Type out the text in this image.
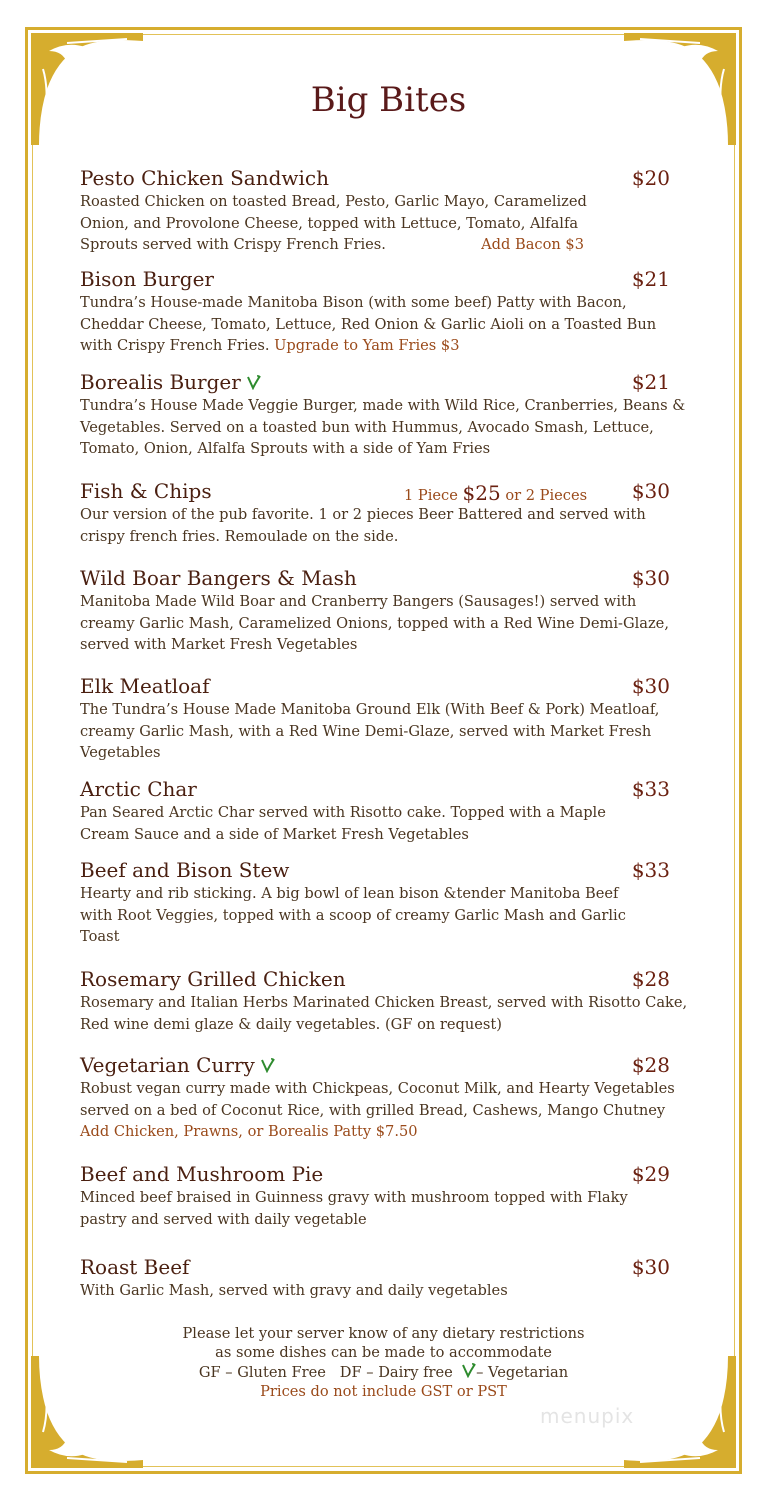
Big Bites
Pesto Chicken Sandwich	$20
Roasted Chicken on toasted Bread, Pesto, Garlic Mayo, Caramelized Onion, and Provolone Cheese, topped with Lettuce, Tomato, Alfalfa Sprouts served with Crispy French Fries.	Add Bacon $3
Bison Burger	$21
Tundra’s House-made Manitoba Bison (with some beef) Patty with Bacon, Cheddar Cheese, Tomato, Lettuce, Red Onion & Garlic Aioli on a Toasted Bun with Crispy French Fries. Upgrade to Yam Fries $3
Borealis Burger	$21
Tundra’s House Made Veggie Burger, made with Wild Rice, Cranberries, Beans & Vegetables. Served on a toasted bun with Hummus, Avocado Smash, Lettuce, Tomato, Onion, Alfalfa Sprouts with a side of Yam Fries
Fish & Chips	1 Piece $25 or 2 Pieces $30
Our version of the pub favorite. 1 or 2 pieces Beer Battered and served with crispy french fries. Remoulade on the side.
Wild Boar Bangers & Mash	$30
Manitoba Made Wild Boar and Cranberry Bangers (Sausages!) served with creamy Garlic Mash, Caramelized Onions, topped with a Red Wine Demi-Glaze, served with Market Fresh Vegetables
Elk Meatloaf	$30
The Tundra’s House Made Manitoba Ground Elk (With Beef & Pork) Meatloaf, creamy Garlic Mash, with a Red Wine Demi-Glaze, served with Market Fresh Vegetables
Arctic Char	$33
Pan Seared Arctic Char served with Risotto cake. Topped with a Maple Cream Sauce and a side of Market Fresh Vegetables
Beef and Bison Stew	$33
Hearty and rib sticking. A big bowl of lean bison &tender Manitoba Beef with Root Veggies, topped with a scoop of creamy Garlic Mash and Garlic Toast
Rosemary Grilled Chicken	$28
Rosemary and Italian Herbs Marinated Chicken Breast, served with Risotto Cake, Red wine demi glaze & daily vegetables. (GF on request)
Vegetarian Curry	$28
Robust vegan curry made with Chickpeas, Coconut Milk, and Hearty Vegetables served on a bed of Coconut Rice, with grilled Bread, Cashews, Mango Chutney      Add Chicken, Prawns, or Borealis Patty $7.50
Beef and Mushroom Pie	$29
Minced beef braised in Guinness gravy with mushroom topped with Flaky pastry and served with daily vegetable
Roast Beef	$30
With Garlic Mash, served with gravy and daily vegetables
Please let your server know of any dietary restrictions
as some dishes can be made to accommodate
GF – Gluten Free DF – Dairy free – Vegetarian
Prices do not include GST or PST
menupix
